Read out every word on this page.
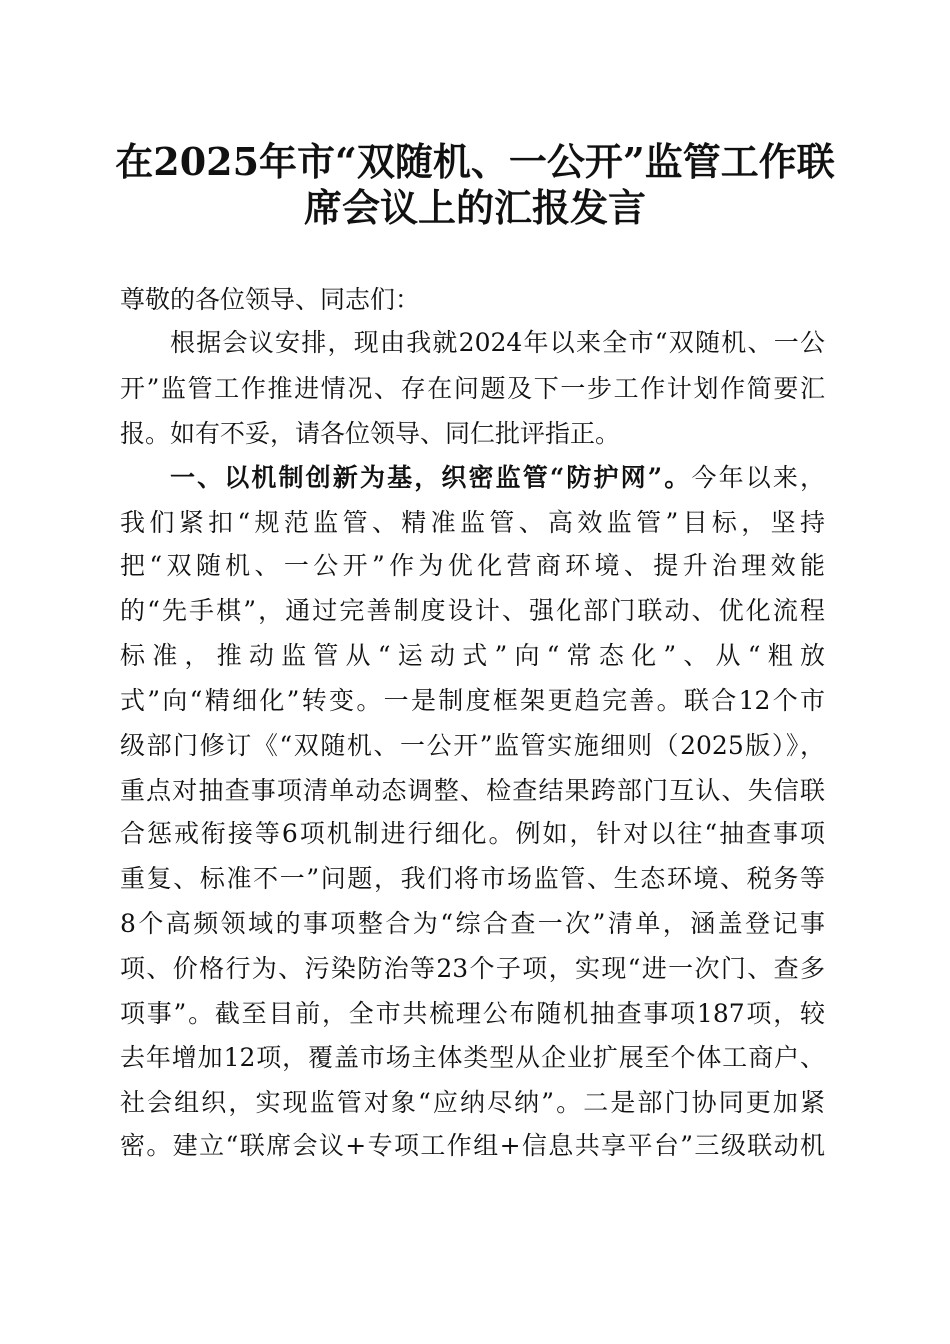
在2025年市“双随机、一公开”监管工作联
席会议上的汇报发言
尊敬的各位领导、同志们：
根据会议安排，现由我就2024年以来全市“双随机、一公
开”监管工作推进情况、存在问题及下一步工作计划作简要汇
报。如有不妥，请各位领导、同仁批评指正。
一、以机制创新为基，织密监管“防护网”。今年以来，
我们紧扣“规范监管、精准监管、高效监管”目标，坚持
把“双随机、一公开”作为优化营商环境、提升治理效能
的“先手棋”，通过完善制度设计、强化部门联动、优化流程
标准，推动监管从“运动式”向“常态化”、从“粗放
式”向“精细化”转变。一是制度框架更趋完善。联合12个市
级部门修订《“双随机、一公开”监管实施细则（2025版）》，
重点对抽查事项清单动态调整、检查结果跨部门互认、失信联
合惩戒衔接等6项机制进行细化。例如，针对以往“抽查事项
重复、标准不一”问题，我们将市场监管、生态环境、税务等
8个高频领域的事项整合为“综合查一次”清单，涵盖登记事
项、价格行为、污染防治等23个子项，实现“进一次门、查多
项事”。截至目前，全市共梳理公布随机抽查事项187项，较
去年增加12项，覆盖市场主体类型从企业扩展至个体工商户、
社会组织，实现监管对象“应纳尽纳”。二是部门协同更加紧
密。建立“联席会议+专项工作组+信息共享平台”三级联动机
